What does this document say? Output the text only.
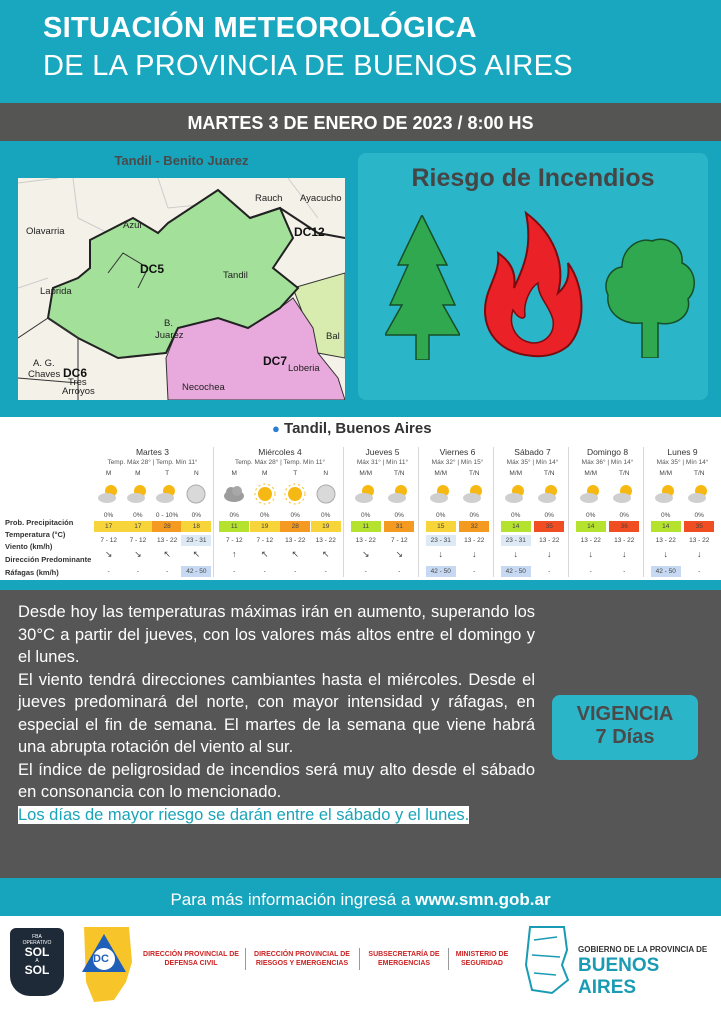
SITUACIÓN METEOROLÓGICA
DE LA PROVINCIA DE BUENOS AIRES
MARTES 3 DE ENERO DE 2023 / 8:00 HS
Tandil - Benito Juarez
Olavarria
Azul
Rauch Ayacucho
Tandil
Laprida
B.
Juarez
A. G.
Chaves
Tres
Arroyos	Necochea
Loberia
Bal
DC5
DC12
DC7
DC6
Riesgo de Incendios
● Tandil, Buenos Aires
Prob. Precipitación
Temperatura (°C)
Viento (km/h)
Dirección Predominante
Ráfagas (km/h)
Martes 3
Temp. Máx 28° | Temp. Mín 11°
M
0%
17
7 - 12
↘
-
M
0%
17
7 - 12
↘
-
T
0 - 10%
28
13 - 22
↖
-
N
0%
18
23 - 31
↖
42 - 50
Miércoles 4
Temp. Máx 28° | Temp. Mín 11°
M
0%
11
7 - 12
↑
-
M
0%
19
7 - 12
↖
-
T
0%
28
13 - 22
↖
-
N
0%
19
13 - 22
↖
-
Jueves 5
Máx 31° | Mín 11°
M/M
0%
11
13 - 22
↘
-
T/N
0%
31
7 - 12
↘
-
Viernes 6
Máx 32° | Mín 15°
M/M
0%
15
23 - 31
↓
42 - 50
T/N
0%
32
13 - 22
↓
-
Sábado 7
Máx 35° | Mín 14°
M/M
0%
14
23 - 31
↓
42 - 50
T/N
0%
35
13 - 22
↓
-
Domingo 8
Máx 36° | Mín 14°
M/M
0%
14
13 - 22
↓
-
T/N
0%
36
13 - 22
↓
-
Lunes 9
Máx 35° | Mín 14°
M/M
0%
14
13 - 22
↓
42 - 50
T/N
0%
35
13 - 22
↓
-

Desde hoy las temperaturas máximas irán en aumento, superando los 30°C a partir del jueves, con los valores más altos entre el domingo y el lunes.

El viento tendrá direcciones cambiantes hasta el miércoles. Desde el jueves predominará del norte, con mayor intensidad y ráfagas, en especial el fin de semana. El martes de la semana que viene habrá una abrupta rotación del viento al sur.

El índice de peligrosidad de incendios será muy alto desde el sábado en consonancia con lo mencionado.

Los días de mayor riesgo se darán entre el sábado y el lunes.

VIGENCIA
7 Días
Para más información ingresá a www.smn.gob.ar
FBA
OPERATIVO
SOL
A
SOL
DC	DIRECCIÓN PROVINCIAL DE DEFENSA CIVIL
DIRECCIÓN PROVINCIAL DE RIESGOS Y EMERGENCIAS
SUBSECRETARÍA DE EMERGENCIAS
MINISTERIO DE SEGURIDAD
GOBIERNO DE LA PROVINCIA DE
BUENOS AIRES
